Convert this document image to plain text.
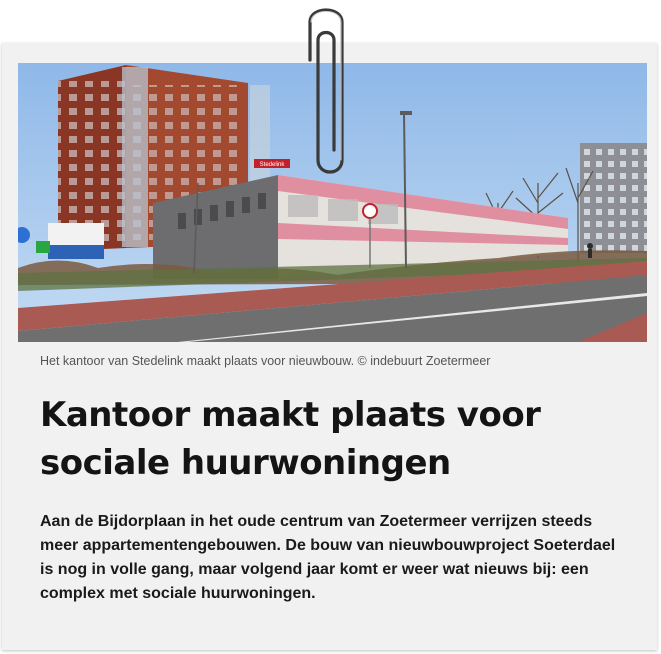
Stedelink
Het kantoor van Stedelink maakt plaats voor nieuwbouw. © indebuurt Zoetermeer
Kantoor maakt plaats voor sociale huurwoningen

Aan de Bijdorplaan in het oude centrum van Zoetermeer verrijzen steeds meer appartementengebouwen. De bouw van nieuwbouwproject Soeterdael is nog in volle gang, maar volgend jaar komt er weer wat nieuws bij: een complex met sociale huurwoningen.
